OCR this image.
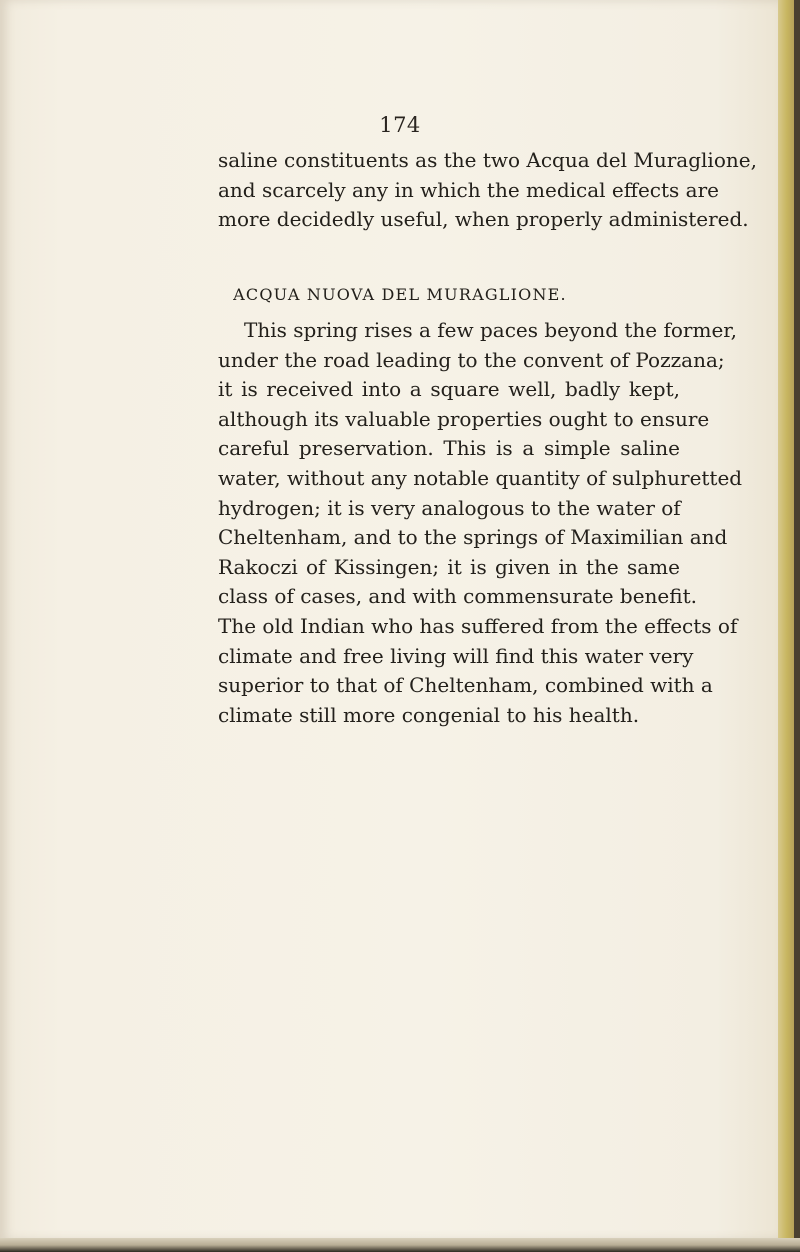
174
saline constituents as the two Acqua del Muraglione,
and scarcely any in which the medical effects are
more decidedly useful, when properly administered.
ACQUA NUOVA DEL MURAGLIONE.
This spring rises a few paces beyond the former,
under the road leading to the convent of Pozzana;
it is received into a square well, badly kept,
although its valuable properties ought to ensure
careful preservation. This is a simple saline
water, without any notable quantity of sulphuretted
hydrogen; it is very analogous to the water of
Cheltenham, and to the springs of Maximilian and
Rakoczi of Kissingen; it is given in the same
class of cases, and with commensurate benefit.
The old Indian who has suffered from the effects of
climate and free living will find this water very
superior to that of Cheltenham, combined with a
climate still more congenial to his health.
